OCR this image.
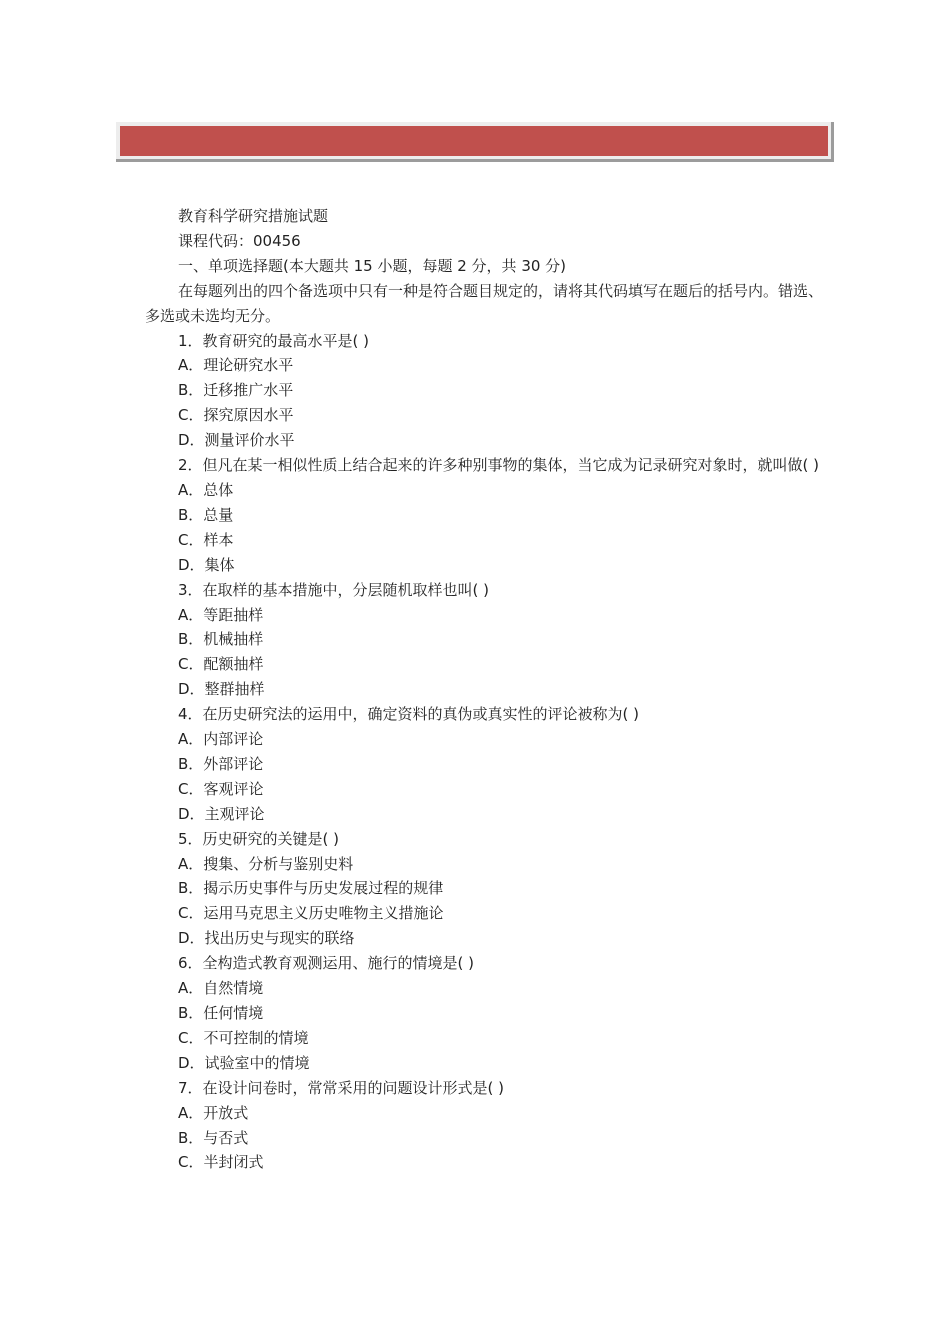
教育科学研究措施试题
课程代码：00456
一、单项选择题(本大题共 15 小题，每题 2 分，共 30 分)
在每题列出的四个备选项中只有一种是符合题目规定的，请将其代码填写在题后的括号内。错选、多选或未选均无分。
1．教育研究的最高水平是( )
A．理论研究水平
B．迁移推广水平
C．探究原因水平
D．测量评价水平
2．但凡在某一相似性质上结合起来的许多种别事物的集体，当它成为记录研究对象时，就叫做( )
A．总体
B．总量
C．样本
D．集体
3．在取样的基本措施中，分层随机取样也叫( )
A．等距抽样
B．机械抽样
C．配额抽样
D．整群抽样
4．在历史研究法的运用中，确定资料的真伪或真实性的评论被称为( )
A．内部评论
B．外部评论
C．客观评论
D．主观评论
5．历史研究的关键是( )
A．搜集、分析与鉴别史料
B．揭示历史事件与历史发展过程的规律
C．运用马克思主义历史唯物主义措施论
D．找出历史与现实的联络
6．全构造式教育观测运用、施行的情境是( )
A．自然情境
B．任何情境
C．不可控制的情境
D．试验室中的情境
7．在设计问卷时，常常采用的问题设计形式是( )
A．开放式
B．与否式
C．半封闭式
